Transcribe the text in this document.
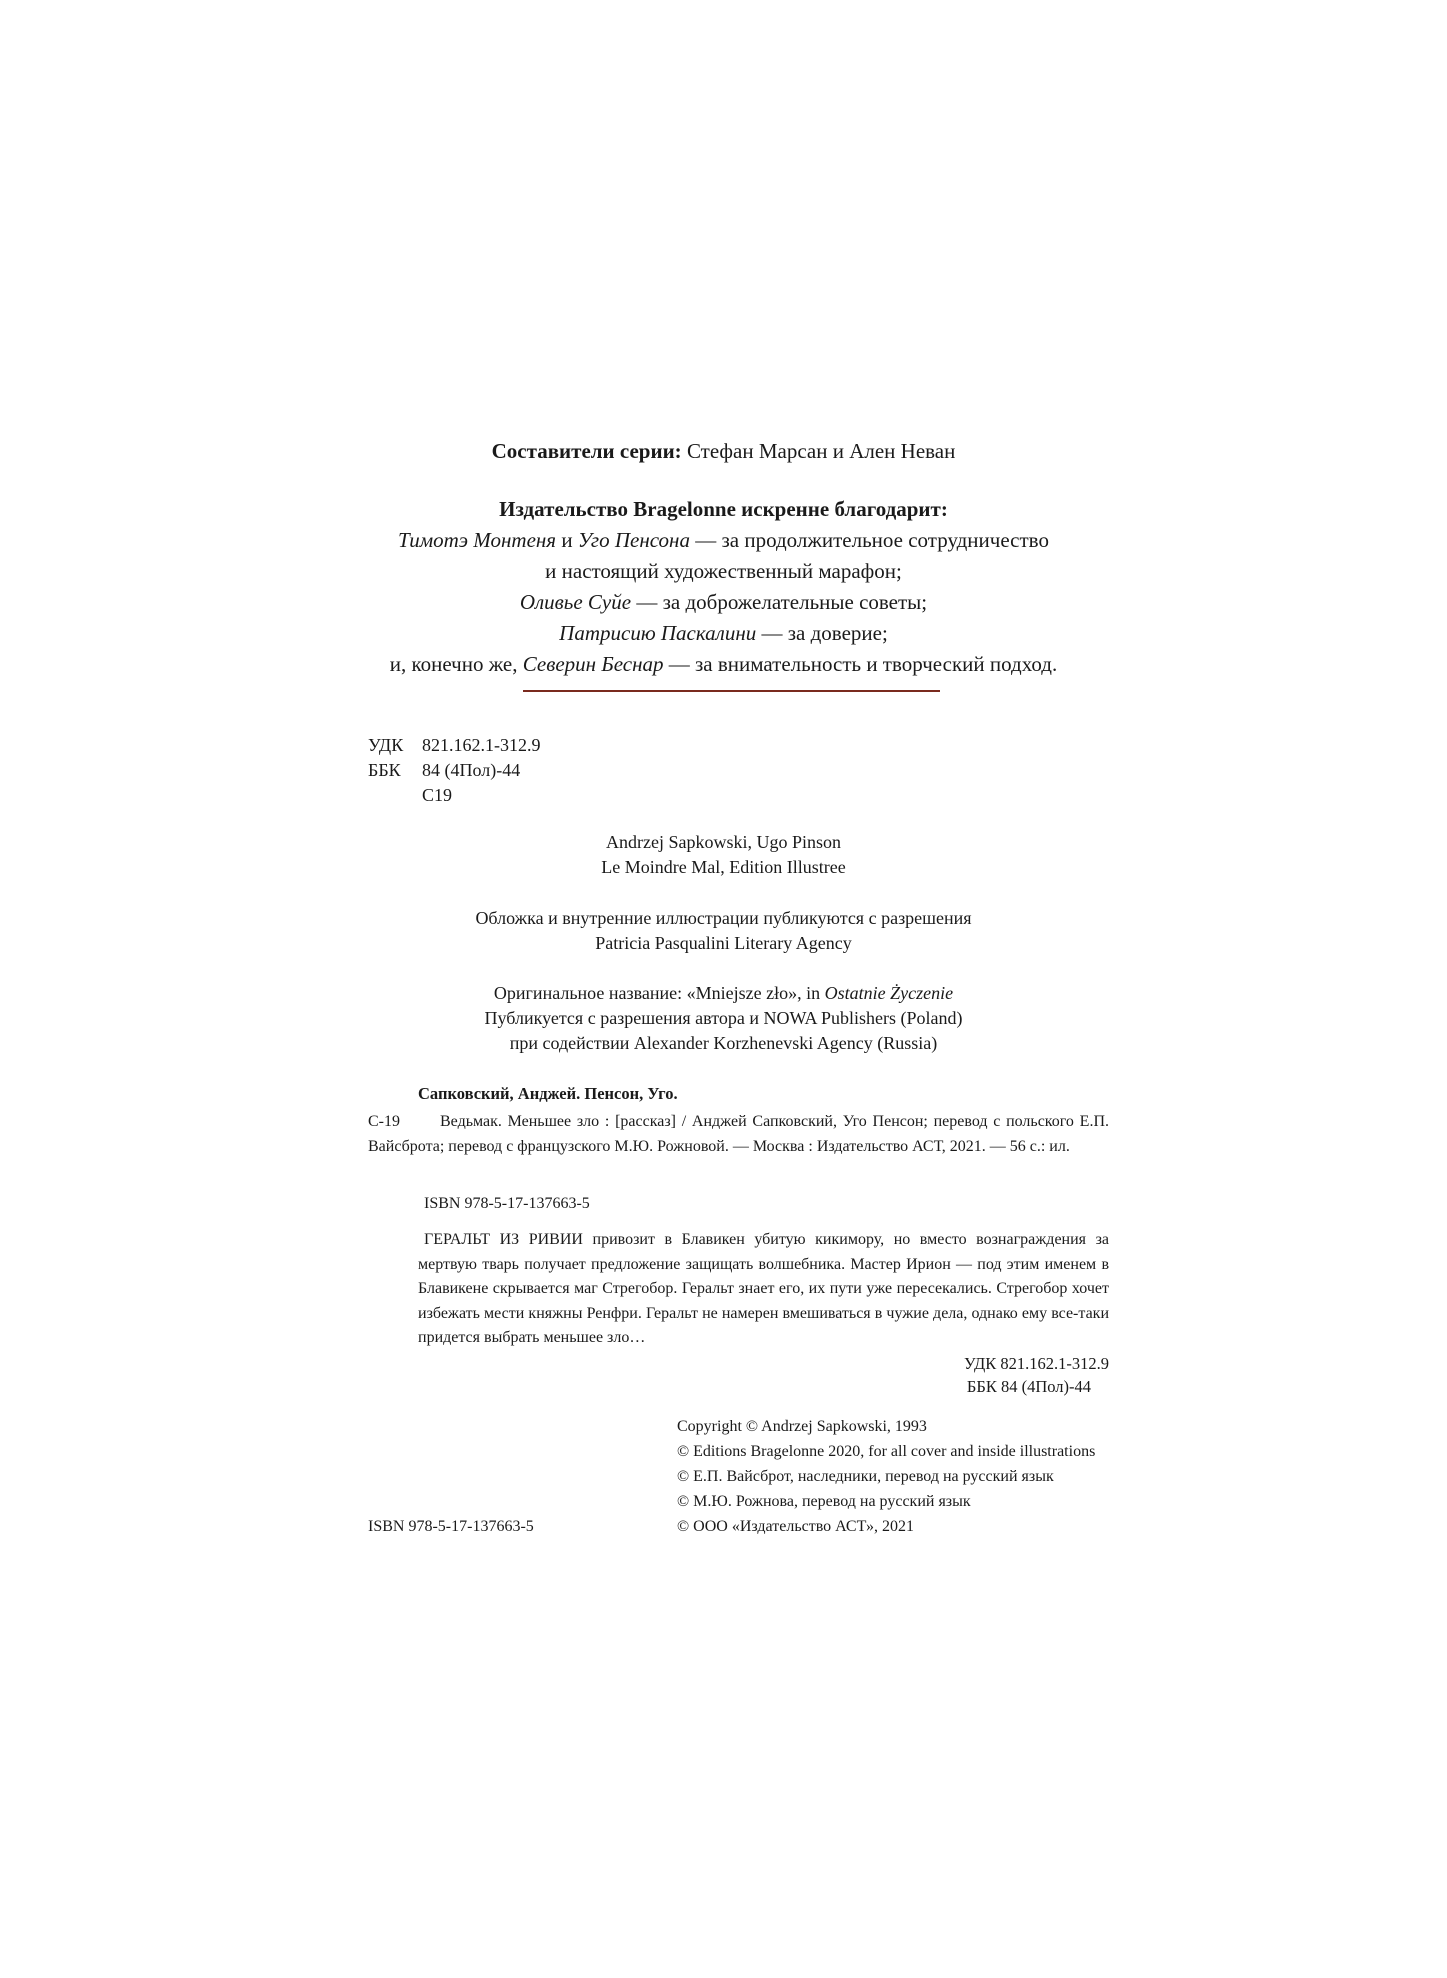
Составители серии: Стефан Марсан и Ален Неван
Издательство Bragelonne искренне благодарит:
Тимотэ Монтеня и Уго Пенсона — за продолжительное сотрудничество
и настоящий художественный марафон;
Оливье Суйе — за доброжелательные советы;
Патрисию Паскалини — за доверие;
и, конечно же, Северин Беснар — за внимательность и творческий подход.
УДК 821.162.1-312.9
ББК 84 (4Пол)-44
С19
Andrzej Sapkowski, Ugo Pinson
Le Moindre Mal, Edition Illustree
Обложка и внутренние иллюстрации публикуются с разрешения
Patricia Pasqualini Literary Agency
Оригинальное название: «Mniejsze zło», in Ostatnie Życzenie
Публикуется с разрешения автора и NOWA Publishers (Poland)
при содействии Alexander Korzhenevski Agency (Russia)
Сапковский, Анджей. Пенсон, Уго.
С-19	Ведьмак. Меньшее зло : [рассказ] / Анджей Сапковский, Уго Пенсон; перевод с польского Е.П. Вайсброта; перевод с французского М.Ю. Рожновой. — Москва : Издательство АСТ, 2021. — 56 с.: ил.
ISBN 978-5-17-137663-5
ГЕРАЛЬТ ИЗ РИВИИ привозит в Блавикен убитую кикимору, но вместо вознаграждения за мертвую тварь получает предложение защищать волшебника. Мастер Ирион — под этим именем в Блавикене скрывается маг Стрегобор. Геральт знает его, их пути уже пересекались. Стрегобор хочет избежать мести княжны Ренфри. Геральт не намерен вмешиваться в чужие дела, однако ему все-таки придется выбрать меньшее зло…
УДК 821.162.1-312.9
ББК 84 (4Пол)-44
Copyright © Andrzej Sapkowski, 1993
© Editions Bragelonne 2020, for all cover and inside illustrations
© Е.П. Вайсброт, наследники, перевод на русский язык
© М.Ю. Рожнова, перевод на русский язык
© ООО «Издательство АСТ», 2021
ISBN 978-5-17-137663-5
